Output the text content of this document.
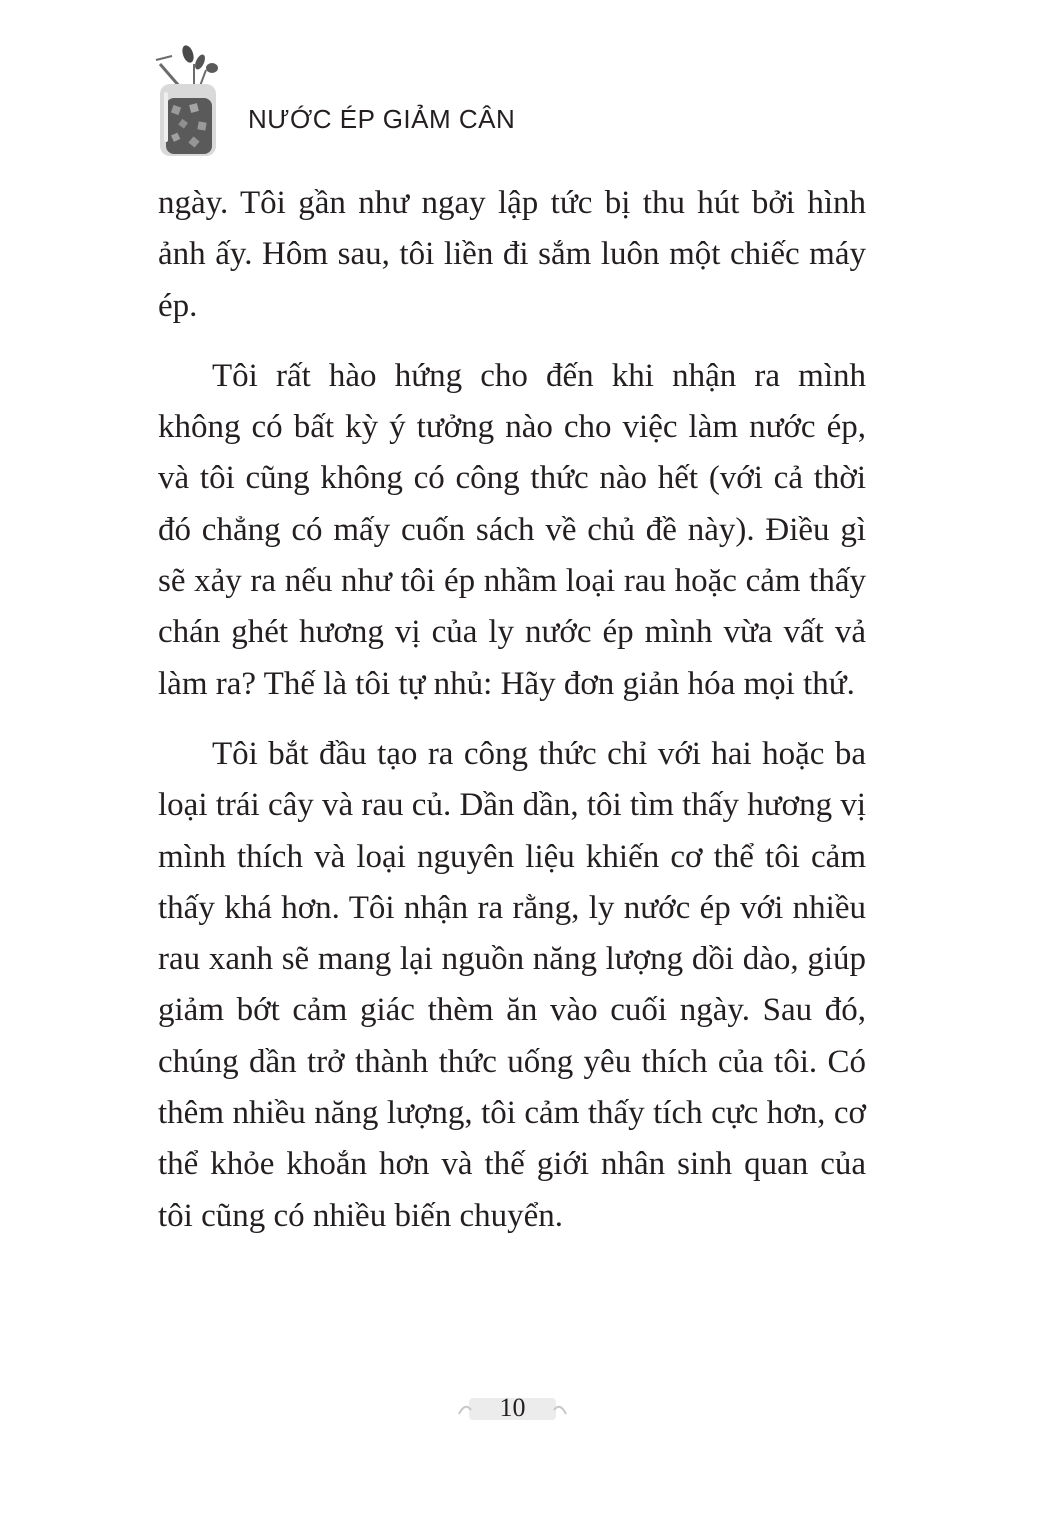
NƯỚC ÉP GIẢM CÂN

ngày. Tôi gần như ngay lập tức bị thu hút bởi hình ảnh ấy. Hôm sau, tôi liền đi sắm luôn một chiếc máy ép.

Tôi rất hào hứng cho đến khi nhận ra mình không có bất kỳ ý tưởng nào cho việc làm nước ép, và tôi cũng không có công thức nào hết (với cả thời đó chẳng có mấy cuốn sách về chủ đề này). Điều gì sẽ xảy ra nếu như tôi ép nhầm loại rau hoặc cảm thấy chán ghét hương vị của ly nước ép mình vừa vất vả làm ra? Thế là tôi tự nhủ: Hãy đơn giản hóa mọi thứ.

Tôi bắt đầu tạo ra công thức chỉ với hai hoặc ba loại trái cây và rau củ. Dần dần, tôi tìm thấy hương vị mình thích và loại nguyên liệu khiến cơ thể tôi cảm thấy khá hơn. Tôi nhận ra rằng, ly nước ép với nhiều rau xanh sẽ mang lại nguồn năng lượng dồi dào, giúp giảm bớt cảm giác thèm ăn vào cuối ngày. Sau đó, chúng dần trở thành thức uống yêu thích của tôi. Có thêm nhiều năng lượng, tôi cảm thấy tích cực hơn, cơ thể khỏe khoắn hơn và thế giới nhân sinh quan của tôi cũng có nhiều biến chuyển.

10
